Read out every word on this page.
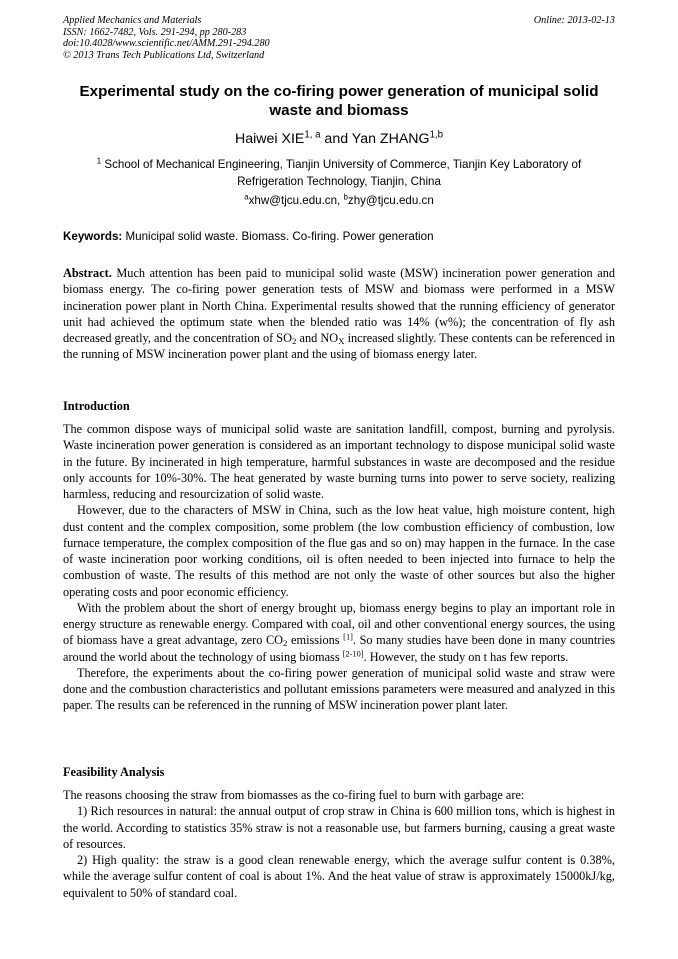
Applied Mechanics and Materials
ISSN: 1662-7482, Vols. 291-294, pp 280-283
doi:10.4028/www.scientific.net/AMM.291-294.280
© 2013 Trans Tech Publications Ltd, Switzerland
Online: 2013-02-13
Experimental study on the co-firing power generation of municipal solid waste and biomass
Haiwei XIE$^{1, a}$ and Yan ZHANG$^{1,b}$
$^1$ School of Mechanical Engineering, Tianjin University of Commerce, Tianjin Key Laboratory of Refrigeration Technology, Tianjin, China
$^a$xhw@tjcu.edu.cn, $^b$zhy@tjcu.edu.cn
Keywords: Municipal solid waste. Biomass. Co-firing. Power generation

Abstract. Much attention has been paid to municipal solid waste (MSW) incineration power generation and biomass energy. The co-firing power generation tests of MSW and biomass were performed in a MSW incineration power plant in North China. Experimental results showed that the running efficiency of generator unit had achieved the optimum state when the blended ratio was 14% (w%); the concentration of fly ash decreased greatly, and the concentration of $SO_2$ and $NO_X$ increased slightly. These contents can be referenced in the running of MSW incineration power plant and the using of biomass energy later.

Introduction

The common dispose ways of municipal solid waste are sanitation landfill, compost, burning and pyrolysis. Waste incineration power generation is considered as an important technology to dispose municipal solid waste in the future. By incinerated in high temperature, harmful substances in waste are decomposed and the residue only accounts for 10%-30%. The heat generated by waste burning turns into power to serve society, realizing harmless, reducing and resourcization of solid waste.

However, due to the characters of MSW in China, such as the low heat value, high moisture content, high dust content and the complex composition, some problem (the low combustion efficiency of combustion, low furnace temperature, the complex composition of the flue gas and so on) may happen in the furnace. In the case of waste incineration poor working conditions, oil is often needed to been injected into furnace to help the combustion of waste. The results of this method are not only the waste of other sources but also the higher operating costs and poor economic efficiency.

With the problem about the short of energy brought up, biomass energy begins to play an important role in energy structure as renewable energy. Compared with coal, oil and other conventional energy sources, the using of biomass have a great advantage, zero $CO_2$ emissions [1]. So many studies have been done in many countries around the world about the technology of using biomass [2-10]. However, the study on t has few reports.

Therefore, the experiments about the co-firing power generation of municipal solid waste and straw were done and the combustion characteristics and pollutant emissions parameters were measured and analyzed in this paper. The results can be referenced in the running of MSW incineration power plant later.

Feasibility Analysis

The reasons choosing the straw from biomasses as the co-firing fuel to burn with garbage are:

1) Rich resources in natural: the annual output of crop straw in China is 600 million tons, which is highest in the world. According to statistics 35% straw is not a reasonable use, but farmers burning, causing a great waste of resources.

2) High quality: the straw is a good clean renewable energy, which the average sulfur content is 0.38%, while the average sulfur content of coal is about 1%. And the heat value of straw is approximately 15000kJ/kg, equivalent to 50% of standard coal.
